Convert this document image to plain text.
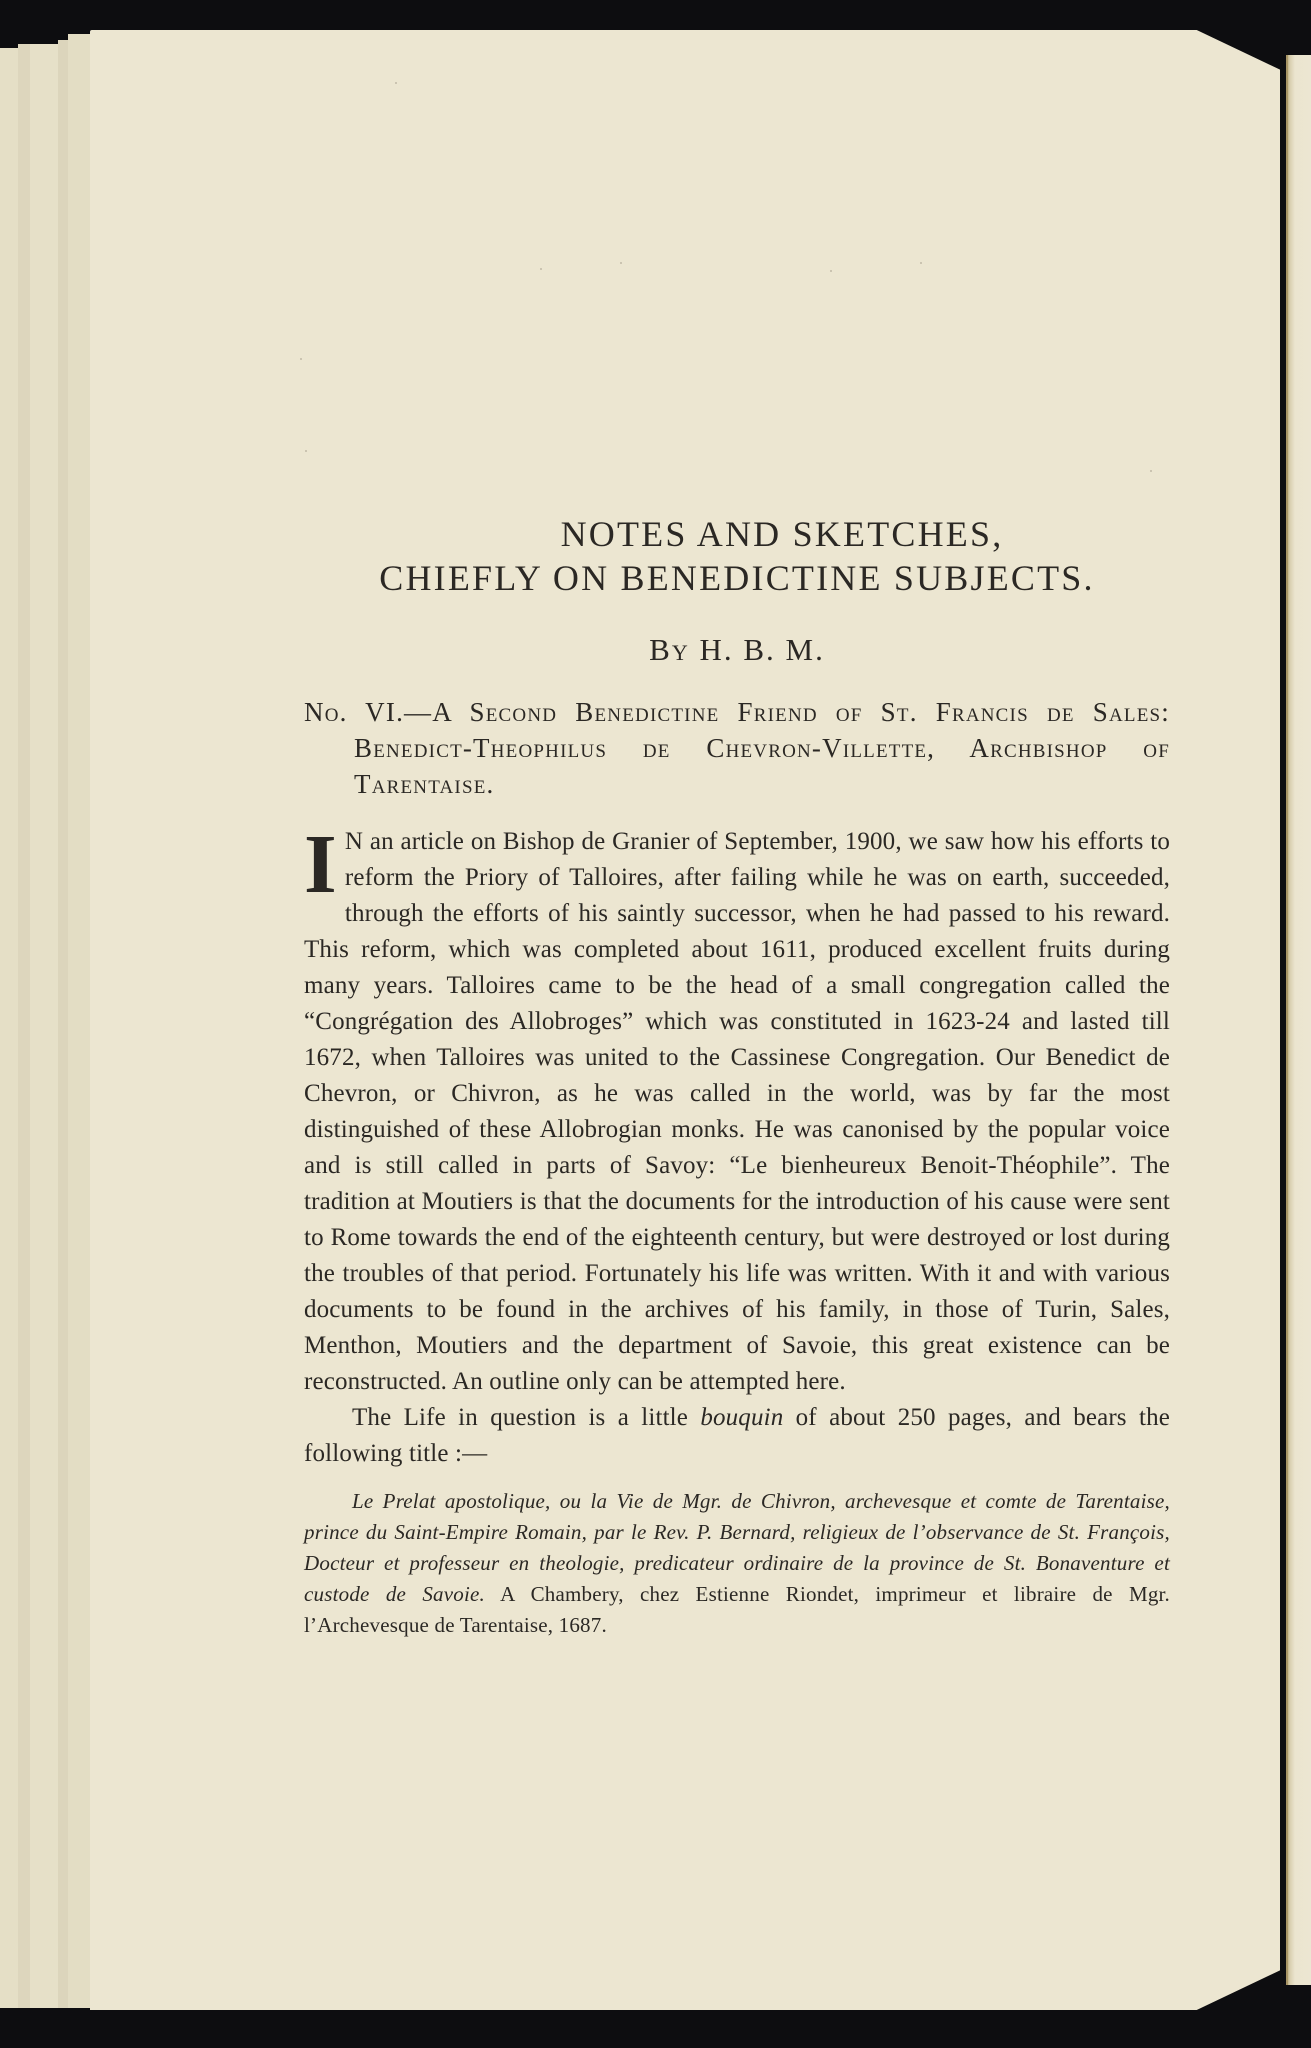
NOTES AND SKETCHES,
CHIEFLY ON BENEDICTINE SUBJECTS.
By H. B. M.
No. VI.—A Second Benedictine Friend of St. Francis de Sales: Benedict-Theophilus de Chevron-Villette, Archbishop of Tarentaise.

I N an article on Bishop de Granier of September, 1900, we saw how his efforts to reform the Priory of Talloires, after failing while he was on earth, succeeded, through the efforts of his saintly successor, when he had passed to his reward. This reform, which was completed about 1611, produced excellent fruits during many years. Talloires came to be the head of a small congregation called the “Congrégation des Allobroges” which was constituted in 1623-24 and lasted till 1672, when Talloires was united to the Cassinese Congregation. Our Benedict de Chevron, or Chivron, as he was called in the world, was by far the most distinguished of these Allobrogian monks. He was canonised by the popular voice and is still called in parts of Savoy: “Le bienheureux Benoit-Théophile”. The tradition at Moutiers is that the documents for the introduction of his cause were sent to Rome towards the end of the eighteenth century, but were destroyed or lost during the troubles of that period. Fortunately his life was written. With it and with various documents to be found in the archives of his family, in those of Turin, Sales, Menthon, Moutiers and the department of Savoie, this great existence can be reconstructed. An outline only can be attempted here.

The Life in question is a little bouquin of about 250 pages, and bears the following title :—

Le Prelat apostolique, ou la Vie de Mgr. de Chivron, archevesque et comte de Tarentaise, prince du Saint-Empire Romain, par le Rev. P. Bernard, religieux de l’observance de St. François, Docteur et professeur en theologie, predicateur ordinaire de la province de St. Bonaventure et custode de Savoie. A Chambery, chez Estienne Riondet, imprimeur et libraire de Mgr. l’Archevesque de Tarentaise, 1687.
